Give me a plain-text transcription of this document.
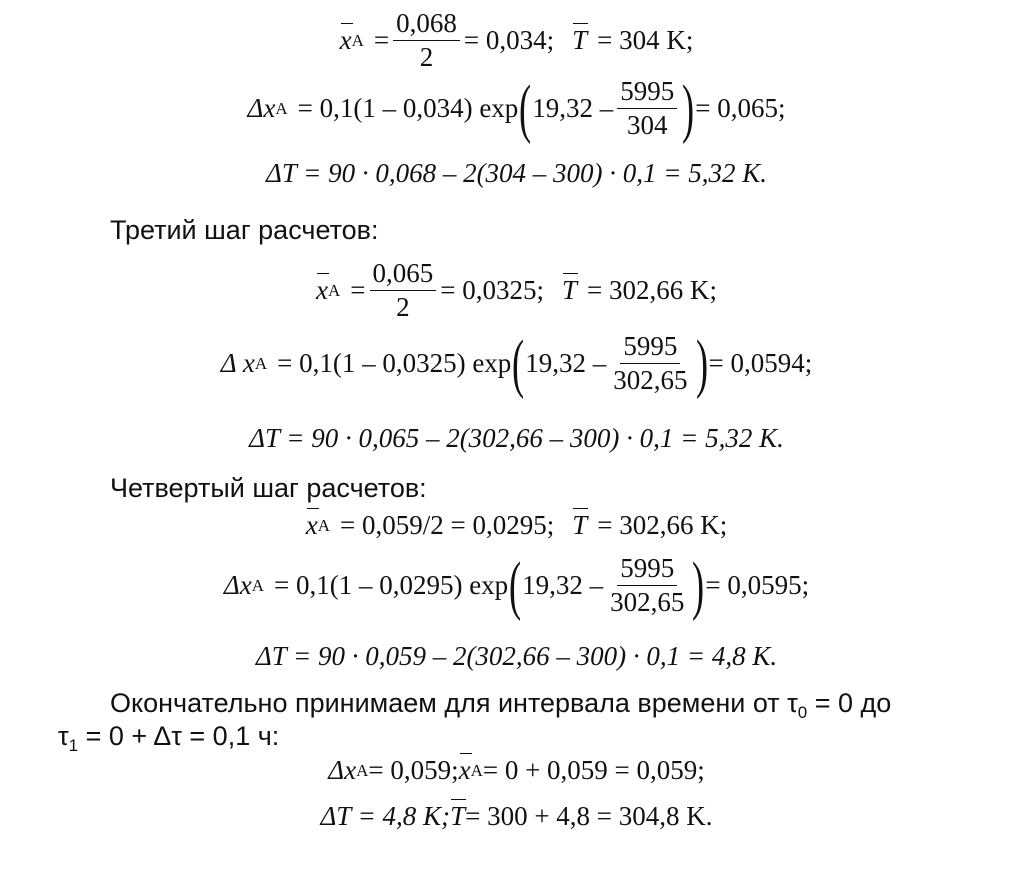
x $A = \frac{0,068}{2} = 0,034$; T = 304 K;
Δx A = 0,1(1 – 0,034) exp ( $19,32 - \frac{5995}{304}$ ) = 0,065;
ΔT = 90 · 0,068 – 2(304 – 300) · 0,1 = 5,32 K.
Третий шаг расчетов:
x $A = \frac{0,065}{2} = 0,0325$; T = 302,66 K;
Δ x A = 0,1(1 – 0,0325) exp ( $19,32 - \frac{5995}{302,65}$ ) = 0,0594;
ΔT = 90 · 0,065 – 2(302,66 – 300) · 0,1 = 5,32 K.
Четвертый шаг расчетов:
x A = 0,059/2 = 0,0295; T = 302,66 K;
Δx A = 0,1(1 – 0,0295) exp ( $19,32 - \frac{5995}{302,65}$ ) = 0,0595;
ΔT = 90 · 0,059 – 2(302,66 – 300) · 0,1 = 4,8 K.
Окончательно принимаем для интервала времени от $\tau_0 = 0$ до
$\tau_1 = 0 + \Delta\tau = 0,1$ ч:
Δx A = 0,059; x A = 0 + 0,059 = 0,059;
ΔT = 4,8 K; T = 300 + 4,8 = 304,8 K.
